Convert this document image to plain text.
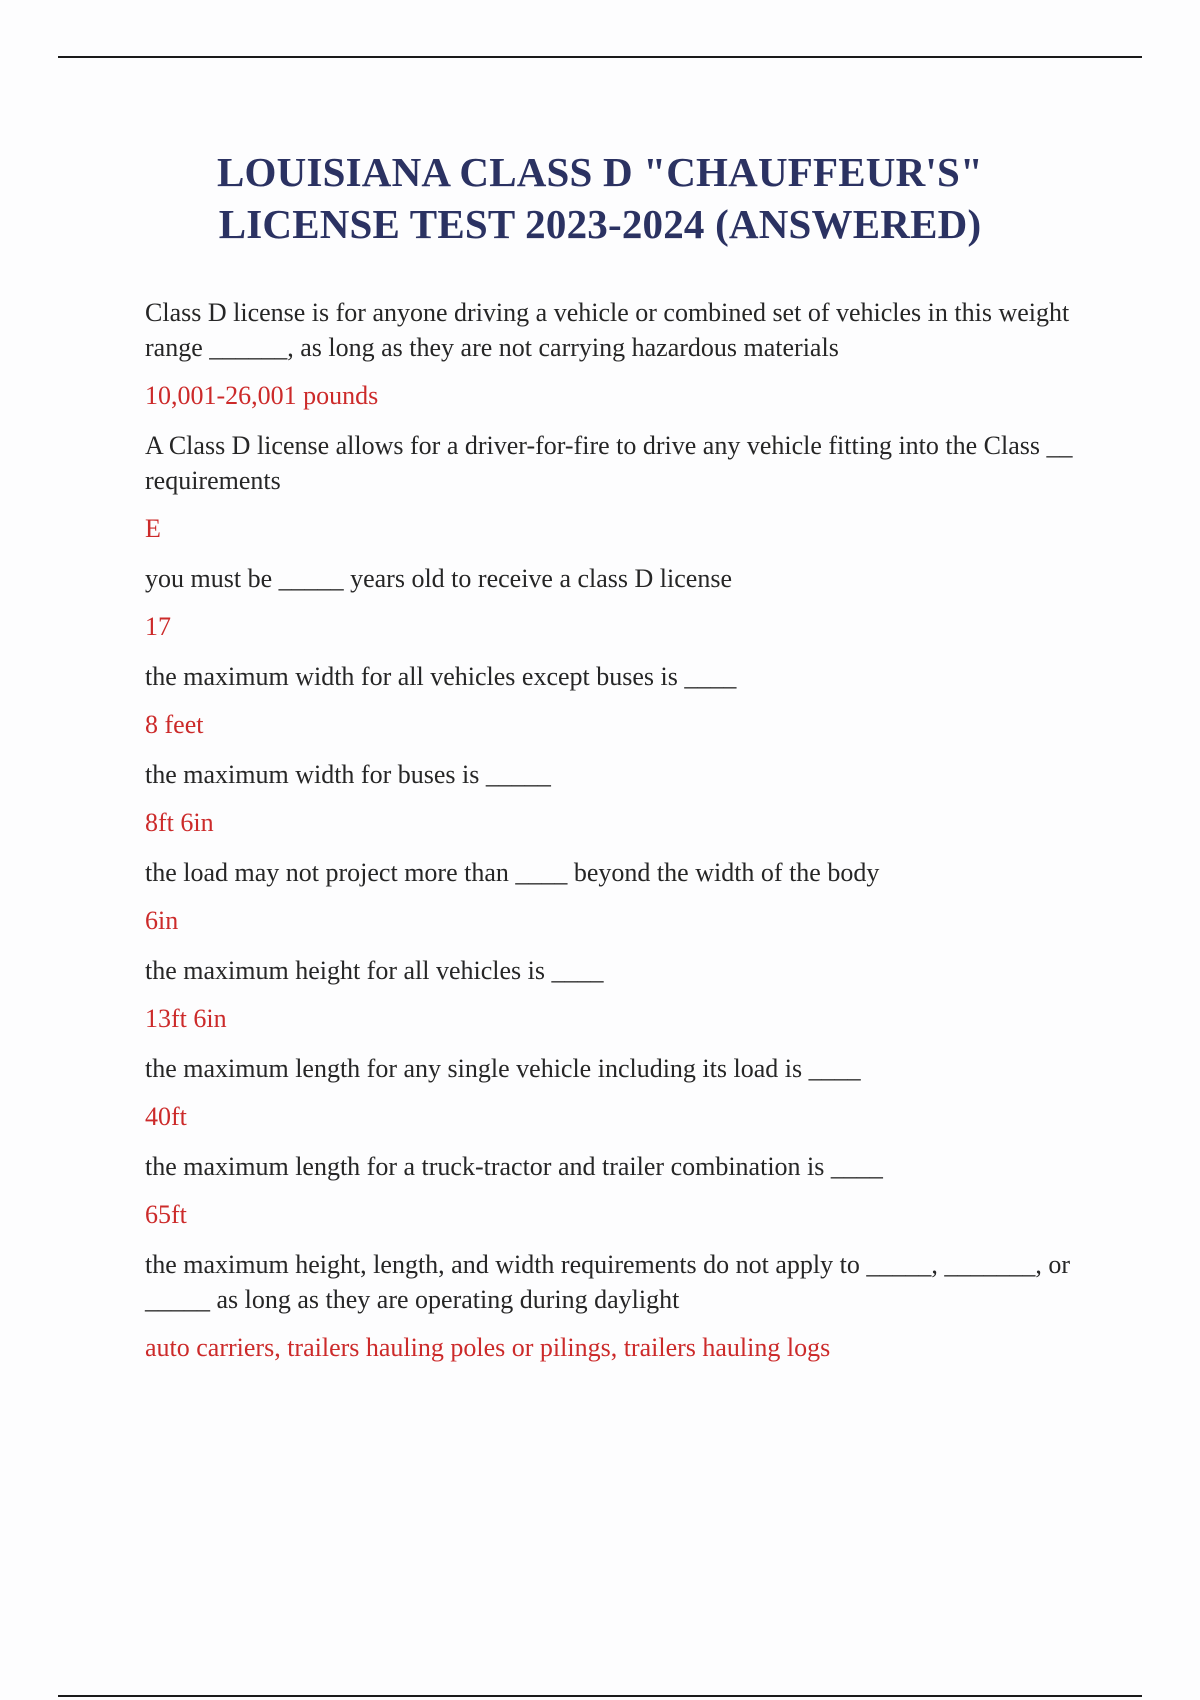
LOUISIANA CLASS D "CHAUFFEUR'S"
LICENSE TEST 2023-2024 (ANSWERED)

Class D license is for anyone driving a vehicle or combined set of vehicles in this weight range ______, as long as they are not carrying hazardous materials

10,001-26,001 pounds

A Class D license allows for a driver-for-fire to drive any vehicle fitting into the Class __ requirements

E

you must be _____ years old to receive a class D license

17

the maximum width for all vehicles except buses is ____

8 feet

the maximum width for buses is _____

8ft 6in

the load may not project more than ____ beyond the width of the body

6in

the maximum height for all vehicles is ____

13ft 6in

the maximum length for any single vehicle including its load is ____

40ft

the maximum length for a truck-tractor and trailer combination is ____

65ft

the maximum height, length, and width requirements do not apply to _____, _______, or _____ as long as they are operating during daylight

auto carriers, trailers hauling poles or pilings, trailers hauling logs
